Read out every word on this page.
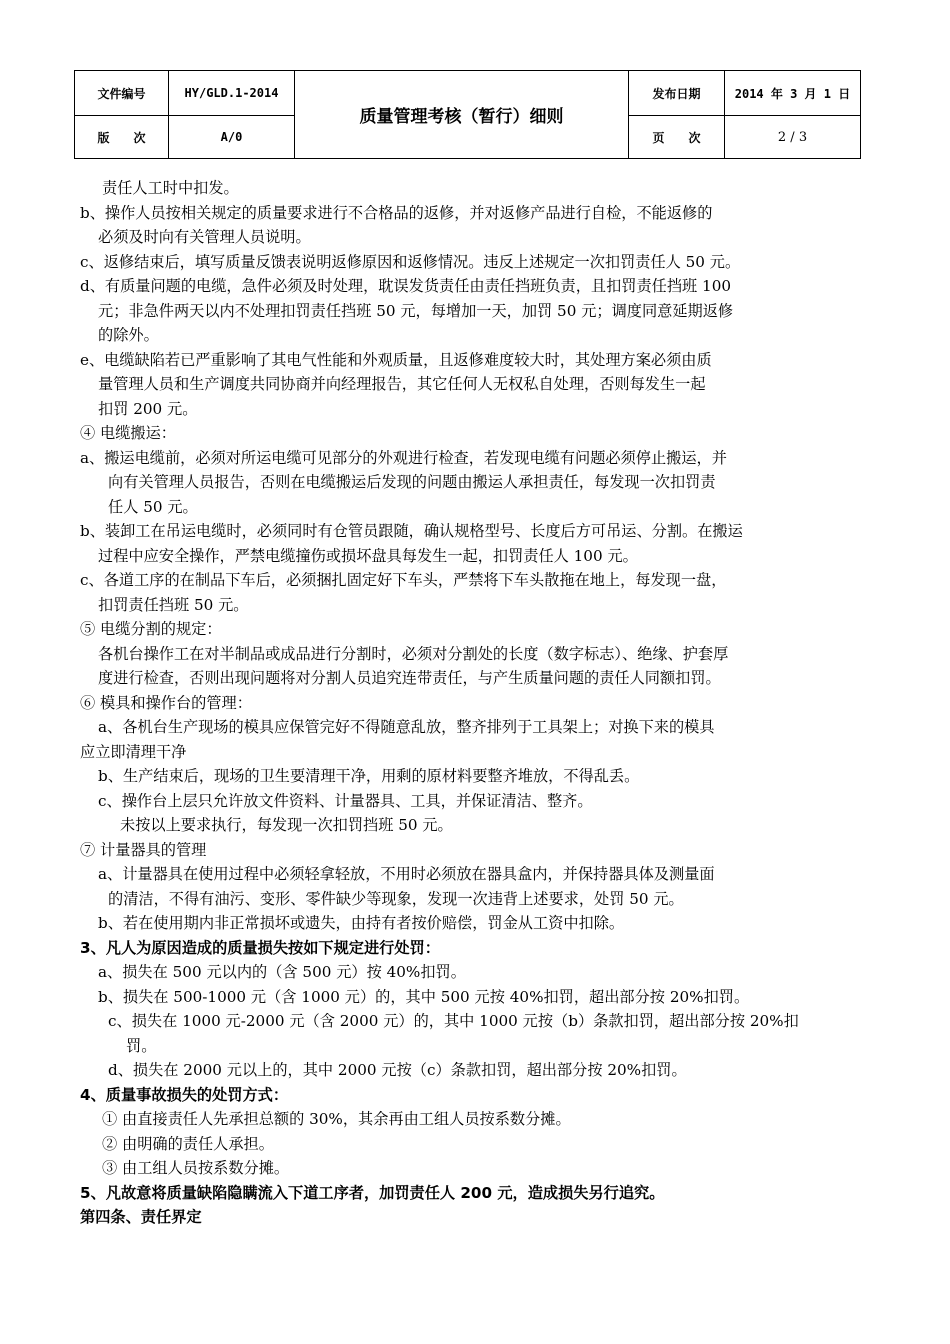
文件编号	HY/GLD.1-2014	质量管理考核（暂行）细则	发布日期	2014 年 3 月 1 日
版　　次	A/0		页　　次	2 / 3
责任人工时中扣发。
b、操作人员按相关规定的质量要求进行不合格品的返修，并对返修产品进行自检，不能返修的
必须及时向有关管理人员说明。
c、返修结束后，填写质量反馈表说明返修原因和返修情况。违反上述规定一次扣罚责任人 50 元。
d、有质量问题的电缆，急件必须及时处理，耽误发货责任由责任挡班负责，且扣罚责任挡班 100
元；非急件两天以内不处理扣罚责任挡班 50 元，每增加一天，加罚 50 元；调度同意延期返修
的除外。
e、电缆缺陷若已严重影响了其电气性能和外观质量，且返修难度较大时，其处理方案必须由质
量管理人员和生产调度共同协商并向经理报告，其它任何人无权私自处理，否则每发生一起
扣罚 200 元。
④ 电缆搬运：
a、搬运电缆前，必须对所运电缆可见部分的外观进行检查，若发现电缆有问题必须停止搬运，并
向有关管理人员报告，否则在电缆搬运后发现的问题由搬运人承担责任，每发现一次扣罚责
任人 50 元。
b、装卸工在吊运电缆时，必须同时有仓管员跟随，确认规格型号、长度后方可吊运、分割。在搬运
过程中应安全操作，严禁电缆撞伤或损坏盘具每发生一起，扣罚责任人 100 元。
c、各道工序的在制品下车后，必须捆扎固定好下车头，严禁将下车头散拖在地上，每发现一盘，
扣罚责任挡班 50 元。
⑤ 电缆分割的规定：
各机台操作工在对半制品或成品进行分割时，必须对分割处的长度（数字标志）、绝缘、护套厚
度进行检查，否则出现问题将对分割人员追究连带责任，与产生质量问题的责任人同额扣罚。
⑥ 模具和操作台的管理：
a、各机台生产现场的模具应保管完好不得随意乱放，整齐排列于工具架上；对换下来的模具
应立即清理干净
b、生产结束后，现场的卫生要清理干净，用剩的原材料要整齐堆放，不得乱丢。
c、操作台上层只允许放文件资料、计量器具、工具，并保证清洁、整齐。
未按以上要求执行，每发现一次扣罚挡班 50 元。
⑦ 计量器具的管理
a、计量器具在使用过程中必须轻拿轻放，不用时必须放在器具盒内，并保持器具体及测量面
的清洁，不得有油污、变形、零件缺少等现象，发现一次违背上述要求，处罚 50 元。
b、若在使用期内非正常损坏或遗失，由持有者按价赔偿，罚金从工资中扣除。
3、凡人为原因造成的质量损失按如下规定进行处罚：
a、损失在 500 元以内的（含 500 元）按 40%扣罚。
b、损失在 500-1000 元（含 1000 元）的，其中 500 元按 40%扣罚，超出部分按 20%扣罚。
c、损失在 1000 元-2000 元（含 2000 元）的，其中 1000 元按（b）条款扣罚，超出部分按 20%扣
罚。
d、损失在 2000 元以上的，其中 2000 元按（c）条款扣罚，超出部分按 20%扣罚。
4、质量事故损失的处罚方式：
① 由直接责任人先承担总额的 30%，其余再由工组人员按系数分摊。
② 由明确的责任人承担。
③ 由工组人员按系数分摊。
5、凡故意将质量缺陷隐瞒流入下道工序者，加罚责任人 200 元，造成损失另行追究。
第四条、责任界定
